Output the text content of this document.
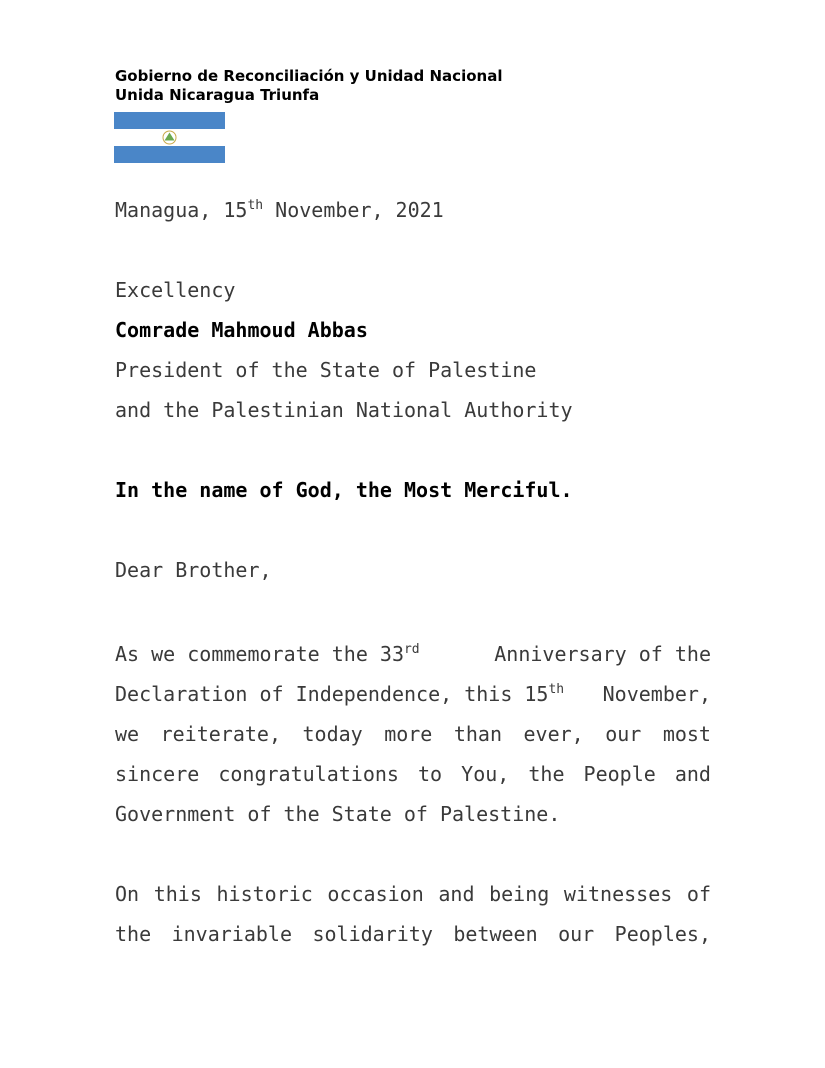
Gobierno de Reconciliación y Unidad Nacional
Unida Nicaragua Triunfa
Managua, 15th November, 2021
Excellency
Comrade Mahmoud Abbas
President of the State of Palestine
and the Palestinian National Authority
In the name of God, the Most Merciful.
Dear Brother,
As we commemorate the 33rd	Anniversary of the
Declaration of Independence, this 15th November,
we reiterate, today more than ever, our most
sincere congratulations to You, the People and
Government of the State of Palestine.
On this historic occasion and being witnesses of
the invariable solidarity between our Peoples,
